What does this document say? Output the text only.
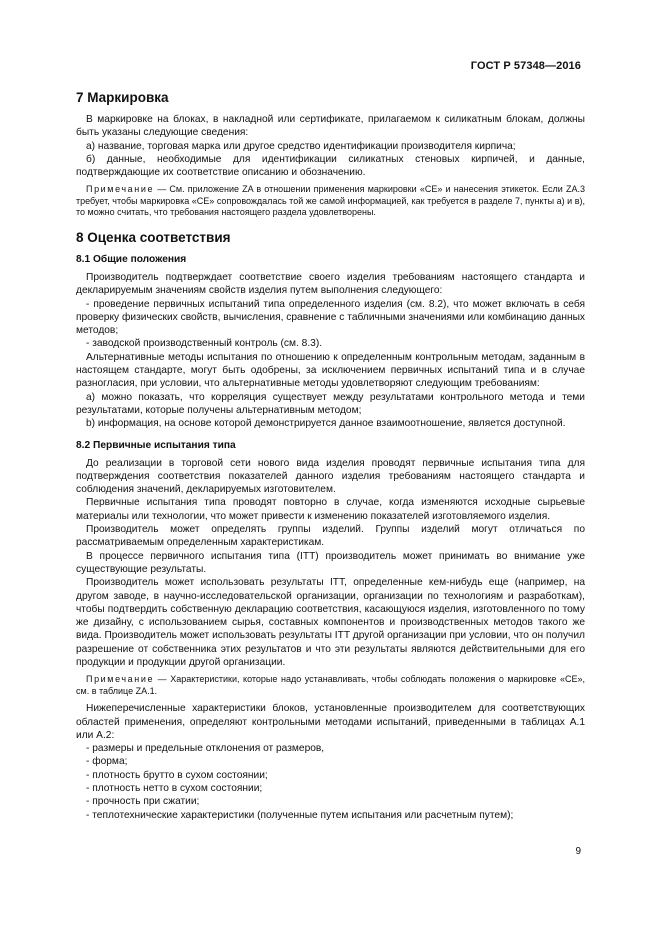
ГОСТ Р 57348—2016
7 Маркировка

В маркировке на блоках, в накладной или сертификате, прилагаемом к силикатным блокам, должны быть указаны следующие сведения:

а) название, торговая марка или другое средство идентификации производителя кирпича;

б) данные, необходимые для идентификации силикатных стеновых кирпичей, и данные, подтверждающие их соответствие описанию и обозначению.

Примечание — См. приложение ZA в отношении применения маркировки «CE» и нанесения этикеток. Если ZA.3 требует, чтобы маркировка «CE» сопровождалась той же самой информацией, как требуется в разделе 7, пункты а) и в), то можно считать, что требования настоящего раздела удовлетворены.

8 Оценка соответствия
8.1 Общие положения

Производитель подтверждает соответствие своего изделия требованиям настоящего стандарта и декларируемым значениям свойств изделия путем выполнения следующего:

- проведение первичных испытаний типа определенного изделия (см. 8.2), что может включать в себя проверку физических свойств, вычисления, сравнение с табличными значениями или комбинацию данных методов;

- заводской производственный контроль (см. 8.3).

Альтернативные методы испытания по отношению к определенным контрольным методам, заданным в настоящем стандарте, могут быть одобрены, за исключением первичных испытаний типа и в случае разногласия, при условии, что альтернативные методы удовлетворяют следующим требованиям:

а) можно показать, что корреляция существует между результатами контрольного метода и теми результатами, которые получены альтернативным методом;

b) информация, на основе которой демонстрируется данное взаимоотношение, является доступной.

8.2 Первичные испытания типа

До реализации в торговой сети нового вида изделия проводят первичные испытания типа для подтверждения соответствия показателей данного изделия требованиям настоящего стандарта и соблюдения значений, декларируемых изготовителем.

Первичные испытания типа проводят повторно в случае, когда изменяются исходные сырьевые материалы или технологии, что может привести к изменению показателей изготовляемого изделия.

Производитель может определять группы изделий. Группы изделий могут отличаться по рассматриваемым определенным характеристикам.

В процессе первичного испытания типа (ITT) производитель может принимать во внимание уже существующие результаты.

Производитель может использовать результаты ITT, определенные кем-нибудь еще (например, на другом заводе, в научно-исследовательской организации, организации по технологиям и разработкам), чтобы подтвердить собственную декларацию соответствия, касающуюся изделия, изготовленного по тому же дизайну, с использованием сырья, составных компонентов и производственных методов такого же вида. Производитель может использовать результаты ITT другой организации при условии, что он получил разрешение от собственника этих результатов и что эти результаты являются действительными для его продукции и продукции другой организации.

Примечание — Характеристики, которые надо устанавливать, чтобы соблюдать положения о маркировке «CE», см. в таблице ZA.1.

Нижеперечисленные характеристики блоков, установленные производителем для соответствующих областей применения, определяют контрольными методами испытаний, приведенными в таблицах А.1 или А.2:

- размеры и предельные отклонения от размеров,

- форма;

- плотность брутто в сухом состоянии;

- плотность нетто в сухом состоянии;

- прочность при сжатии;

- теплотехнические характеристики (полученные путем испытания или расчетным путем);

9
